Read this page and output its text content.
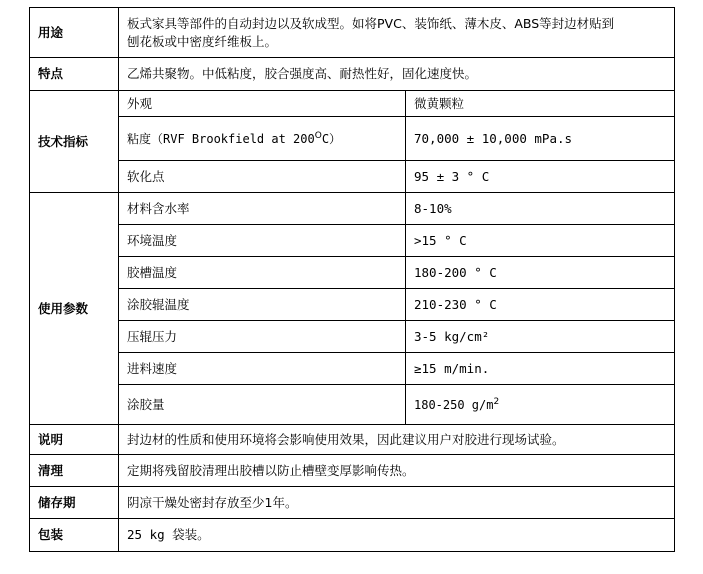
用途	板式家具等部件的自动封边以及软成型。如将PVC、装饰纸、薄木皮、ABS等封边材贴到
刨花板或中密度纤维板上。	

特点	乙烯共聚物。中低粘度，胶合强度高、耐热性好，固化速度快。	
技术指标	外观	微黄颗粒
	粘度（RVF Brookfield at $200^OC$）	70,000 ± 10,000 mPa.s
	软化点	95 ± 3 ° C
使用参数	材料含水率	8-10%
	环境温度	>15 ° C
	胶槽温度	180-200 ° C
	涂胶辊温度	210-230 ° C
	压辊压力	3-5 kg/cm²
	进料速度	≥15 m/min.
	涂胶量	180-250 $g/m^2$
说明	封边材的性质和使用环境将会影响使用效果，因此建议用户对胶进行现场试验。	
清理	定期将残留胶清理出胶槽以防止槽壁变厚影响传热。	
储存期	阴凉干燥处密封存放至少1年。	
包装	25 kg 袋装。	
